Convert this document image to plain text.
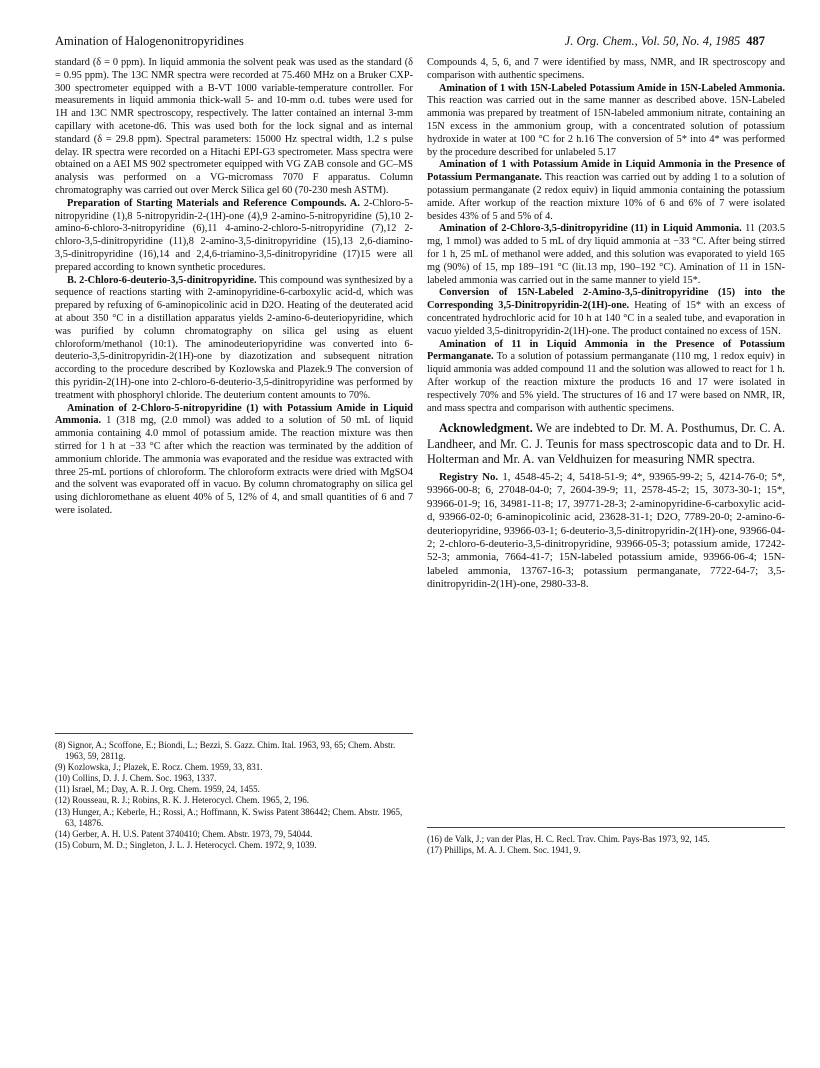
Amination of Halogenonitropyridines	J. Org. Chem., Vol. 50, No. 4, 1985 487

standard (δ = 0 ppm). In liquid ammonia the solvent peak was used as the standard (δ = 0.95 ppm). The 13C NMR spectra were recorded at 75.460 MHz on a Bruker CXP-300 spectrometer equipped with a B-VT 1000 variable-temperature controller. For measurements in liquid ammonia thick-wall 5- and 10-mm o.d. tubes were used for 1H and 13C NMR spectroscopy, respectively. The latter contained an internal 3-mm capillary with acetone-d6. This was used both for the lock signal and as internal standard (δ = 29.8 ppm). Spectral parameters: 15000 Hz spectral width, 1.2 s pulse delay. IR spectra were recorded on a Hitachi EPI-G3 spectrometer. Mass spectra were obtained on a AEI MS 902 spectrometer equipped with VG ZAB console and GC–MS analysis was performed on a VG-micromass 7070 F apparatus. Column chromatography was carried out over Merck Silica gel 60 (70-230 mesh ASTM).

Preparation of Starting Materials and Reference Compounds. A. 2-Chloro-5-nitropyridine (1),8 5-nitropyridin-2-(1H)-one (4),9 2-amino-5-nitropyridine (5),10 2-amino-6-chloro-3-nitropyridine (6),11 4-amino-2-chloro-5-nitropyridine (7),12 2-chloro-3,5-dinitropyridine (11),8 2-amino-3,5-dinitropyridine (15),13 2,6-diamino-3,5-dinitropyridine (16),14 and 2,4,6-triamino-3,5-dinitropyridine (17)15 were all prepared according to known synthetic procedures.

B. 2-Chloro-6-deuterio-3,5-dinitropyridine. This compound was synthesized by a sequence of reactions starting with 2-aminopyridine-6-carboxylic acid-d, which was prepared by refuxing of 6-aminopicolinic acid in D2O. Heating of the deuterated acid at about 350 °C in a distillation apparatus yields 2-amino-6-deuteriopyridine, which was purified by column chromatography on silica gel using as eluent chloroform/methanol (10:1). The aminodeuteriopyridine was converted into 6-deuterio-3,5-dinitropyridin-2(1H)-one by diazotization and subsequent nitration according to the procedure described by Kozlowska and Plazek.9 The conversion of this pyridin-2(1H)-one into 2-chloro-6-deuterio-3,5-dinitropyridine was performed by treatment with phosphoryl chloride. The deuterium content amounts to 70%.

Amination of 2-Chloro-5-nitropyridine (1) with Potassium Amide in Liquid Ammonia. 1 (318 mg, (2.0 mmol) was added to a solution of 50 mL of liquid ammonia containing 4.0 mmol of potassium amide. The reaction mixture was then stirred for 1 h at −33 °C after which the reaction was terminated by the addition of ammonium chloride. The ammonia was evaporated and the residue was extracted with three 25-mL portions of chloroform. The chloroform extracts were dried with MgSO4 and the solvent was evaporated off in vacuo. By column chromatography on silica gel using dichloromethane as eluent 40% of 5, 12% of 4, and small quantities of 6 and 7 were isolated.

(8) Signor, A.; Scoffone, E.; Biondi, L.; Bezzi, S. Gazz. Chim. Ital. 1963, 93, 65; Chem. Abstr. 1963, 59, 2811g.
(9) Kozlowska, J.; Plazek, E. Rocz. Chem. 1959, 33, 831.
(10) Collins, D. J. J. Chem. Soc. 1963, 1337.
(11) Israel, M.; Day, A. R. J. Org. Chem. 1959, 24, 1455.
(12) Rousseau, R. J.; Robins, R. K. J. Heterocycl. Chem. 1965, 2, 196.
(13) Hunger, A.; Keberle, H.; Rossi, A.; Hoffmann, K. Swiss Patent 386442; Chem. Abstr. 1965, 63, 14876.
(14) Gerber, A. H. U.S. Patent 3740410; Chem. Abstr. 1973, 79, 54044.
(15) Coburn, M. D.; Singleton, J. L. J. Heterocycl. Chem. 1972, 9, 1039.

Compounds 4, 5, 6, and 7 were identified by mass, NMR, and IR spectroscopy and comparison with authentic specimens.

Amination of 1 with 15N-Labeled Potassium Amide in 15N-Labeled Ammonia. This reaction was carried out in the same manner as described above. 15N-Labeled ammonia was prepared by treatment of 15N-labeled ammonium nitrate, containing an 15N excess in the ammonium group, with a concentrated solution of potassium hydroxide in water at 100 °C for 2 h.16 The conversion of 5* into 4* was performed by the procedure described for unlabeled 5.17

Amination of 1 with Potassium Amide in Liquid Ammonia in the Presence of Potassium Permanganate. This reaction was carried out by adding 1 to a solution of potassium permanganate (2 redox equiv) in liquid ammonia containing the potassium amide. After workup of the reaction mixture 10% of 6 and 6% of 7 were isolated besides 43% of 5 and 5% of 4.

Amination of 2-Chloro-3,5-dinitropyridine (11) in Liquid Ammonia. 11 (203.5 mg, 1 mmol) was added to 5 mL of dry liquid ammonia at −33 °C. After being stirred for 1 h, 25 mL of methanol were added, and this solution was evaporated to yield 165 mg (90%) of 15, mp 189–191 °C (lit.13 mp, 190–192 °C). Amination of 11 in 15N-labeled ammonia was carried out in the same manner to yield 15*.

Conversion of 15N-Labeled 2-Amino-3,5-dinitropyridine (15) into the Corresponding 3,5-Dinitropyridin-2(1H)-one. Heating of 15* with an excess of concentrated hydrochloric acid for 10 h at 140 °C in a sealed tube, and evaporation in vacuo yielded 3,5-dinitropyridin-2(1H)-one. The product contained no excess of 15N.

Amination of 11 in Liquid Ammonia in the Presence of Potassium Permanganate. To a solution of potassium permanganate (110 mg, 1 redox equiv) in liquid ammonia was added compound 11 and the solution was allowed to react for 1 h. After workup of the reaction mixture the products 16 and 17 were isolated in respectively 70% and 5% yield. The structures of 16 and 17 were based on NMR, IR, and mass spectra and comparison with authentic specimens.

Acknowledgment. We are indebted to Dr. M. A. Posthumus, Dr. C. A. Landheer, and Mr. C. J. Teunis for mass spectroscopic data and to Dr. H. Holterman and Mr. A. van Veldhuizen for measuring NMR spectra.

Registry No. 1, 4548-45-2; 4, 5418-51-9; 4*, 93965-99-2; 5, 4214-76-0; 5*, 93966-00-8; 6, 27048-04-0; 7, 2604-39-9; 11, 2578-45-2; 15, 3073-30-1; 15*, 93966-01-9; 16, 34981-11-8; 17, 39771-28-3; 2-aminopyridine-6-carboxylic acid-d, 93966-02-0; 6-aminopicolinic acid, 23628-31-1; D2O, 7789-20-0; 2-amino-6-deuteriopyridine, 93966-03-1; 6-deuterio-3,5-dinitropyridin-2(1H)-one, 93966-04-2; 2-chloro-6-deuterio-3,5-dinitropyridine, 93966-05-3; potassium amide, 17242-52-3; ammonia, 7664-41-7; 15N-labeled potassium amide, 93966-06-4; 15N-labeled ammonia, 13767-16-3; potassium permanganate, 7722-64-7; 3,5-dinitropyridin-2(1H)-one, 2980-33-8.

(16) de Valk, J.; van der Plas, H. C. Recl. Trav. Chim. Pays-Bas 1973, 92, 145.
(17) Phillips, M. A. J. Chem. Soc. 1941, 9.
